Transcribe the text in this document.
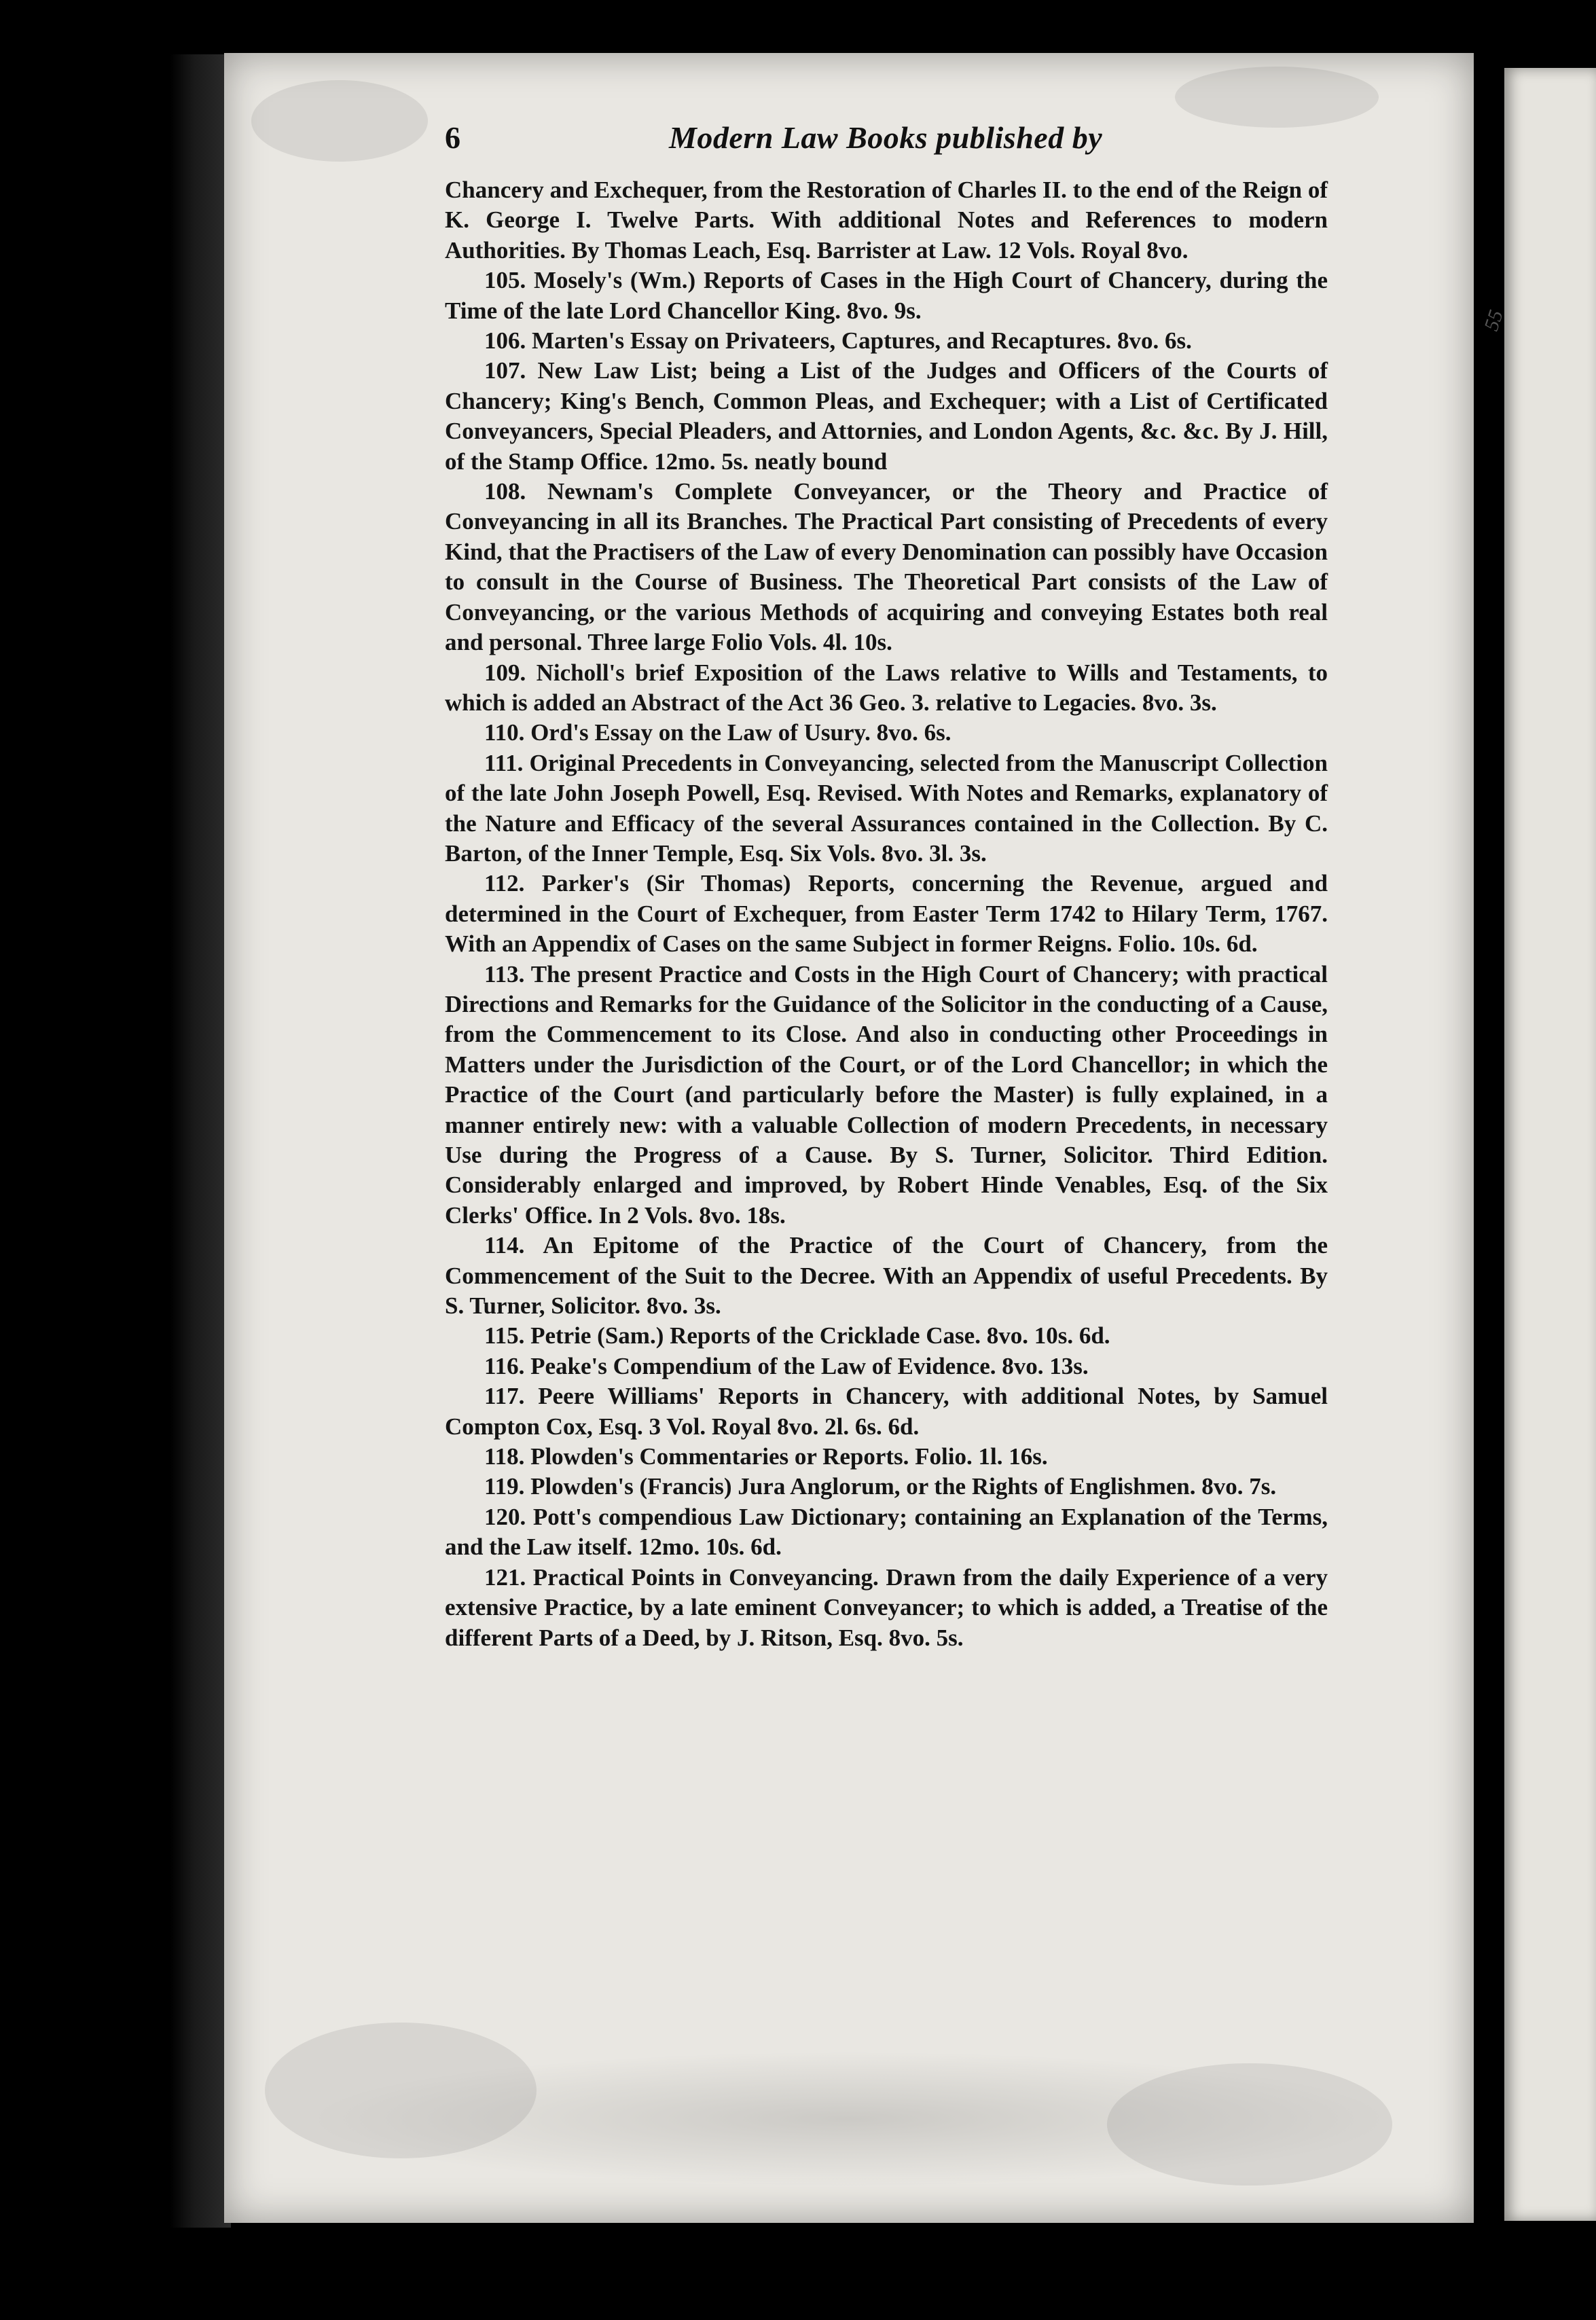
6	Modern Law Books published by
55

Chancery and Exchequer, from the Restoration of Charles II. to the end of the Reign of K. George I. Twelve Parts. With additional Notes and References to modern Authorities. By Thomas Leach, Esq. Barrister at Law. 12 Vols. Royal 8vo.

105. Mosely's (Wm.) Reports of Cases in the High Court of Chancery, during the Time of the late Lord Chancellor King. 8vo. 9s.

106. Marten's Essay on Privateers, Captures, and Recaptures. 8vo. 6s.

107. New Law List; being a List of the Judges and Officers of the Courts of Chancery; King's Bench, Common Pleas, and Exchequer; with a List of Certificated Conveyancers, Special Pleaders, and Attornies, and London Agents, &c. &c. By J. Hill, of the Stamp Office. 12mo. 5s. neatly bound

108. Newnam's Complete Conveyancer, or the Theory and Practice of Conveyancing in all its Branches. The Practical Part consisting of Precedents of every Kind, that the Practisers of the Law of every Denomination can possibly have Occasion to consult in the Course of Business. The Theoretical Part consists of the Law of Conveyancing, or the various Methods of acquiring and conveying Estates both real and personal. Three large Folio Vols. 4l. 10s.

109. Nicholl's brief Exposition of the Laws relative to Wills and Testaments, to which is added an Abstract of the Act 36 Geo. 3. relative to Legacies. 8vo. 3s.

110. Ord's Essay on the Law of Usury. 8vo. 6s.

111. Original Precedents in Conveyancing, selected from the Manuscript Collection of the late John Joseph Powell, Esq. Revised. With Notes and Remarks, explanatory of the Nature and Efficacy of the several Assurances contained in the Collection. By C. Barton, of the Inner Temple, Esq. Six Vols. 8vo. 3l. 3s.

112. Parker's (Sir Thomas) Reports, concerning the Revenue, argued and determined in the Court of Exchequer, from Easter Term 1742 to Hilary Term, 1767. With an Appendix of Cases on the same Subject in former Reigns. Folio. 10s. 6d.

113. The present Practice and Costs in the High Court of Chancery; with practical Directions and Remarks for the Guidance of the Solicitor in the conducting of a Cause, from the Commencement to its Close. And also in conducting other Proceedings in Matters under the Jurisdiction of the Court, or of the Lord Chancellor; in which the Practice of the Court (and particularly before the Master) is fully explained, in a manner entirely new: with a valuable Collection of modern Precedents, in necessary Use during the Progress of a Cause. By S. Turner, Solicitor. Third Edition. Considerably enlarged and improved, by Robert Hinde Venables, Esq. of the Six Clerks' Office. In 2 Vols. 8vo. 18s.

114. An Epitome of the Practice of the Court of Chancery, from the Commencement of the Suit to the Decree. With an Appendix of useful Precedents. By S. Turner, Solicitor. 8vo. 3s.

115. Petrie (Sam.) Reports of the Cricklade Case. 8vo. 10s. 6d.

116. Peake's Compendium of the Law of Evidence. 8vo. 13s.

117. Peere Williams' Reports in Chancery, with additional Notes, by Samuel Compton Cox, Esq. 3 Vol. Royal 8vo. 2l. 6s. 6d.

118. Plowden's Commentaries or Reports. Folio. 1l. 16s.

119. Plowden's (Francis) Jura Anglorum, or the Rights of Englishmen. 8vo. 7s.

120. Pott's compendious Law Dictionary; containing an Explanation of the Terms, and the Law itself. 12mo. 10s. 6d.

121. Practical Points in Conveyancing. Drawn from the daily Experience of a very extensive Practice, by a late eminent Conveyancer; to which is added, a Treatise of the different Parts of a Deed, by J. Ritson, Esq. 8vo. 5s.
